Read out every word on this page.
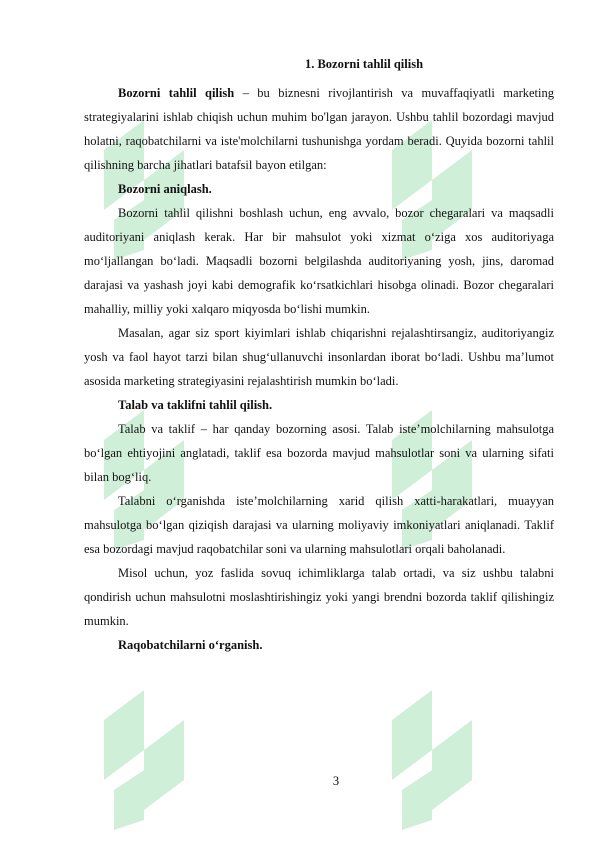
1. Bozorni tahlil qilish

Bozorni tahlil qilish – bu biznesni rivojlantirish va muvaffaqiyatli marketing strategiyalarini ishlab chiqish uchun muhim bo'lgan jarayon. Ushbu tahlil bozordagi mavjud holatni, raqobatchilarni va iste'molchilarni tushunishga yordam beradi. Quyida bozorni tahlil qilishning barcha jihatlari batafsil bayon etilgan:

Bozorni aniqlash.

Bozorni tahlil qilishni boshlash uchun, eng avvalo, bozor chegaralari va maqsadli auditoriyani aniqlash kerak. Har bir mahsulot yoki xizmat o‘ziga xos auditoriyaga mo‘ljallangan bo‘ladi. Maqsadli bozorni belgilashda auditoriyaning yosh, jins, daromad darajasi va yashash joyi kabi demografik ko‘rsatkichlari hisobga olinadi. Bozor chegaralari mahalliy, milliy yoki xalqaro miqyosda bo‘lishi mumkin.

Masalan, agar siz sport kiyimlari ishlab chiqarishni rejalashtirsangiz, auditoriyangiz yosh va faol hayot tarzi bilan shug‘ullanuvchi insonlardan iborat bo‘ladi. Ushbu ma’lumot asosida marketing strategiyasini rejalashtirish mumkin bo‘ladi.

Talab va taklifni tahlil qilish.

Talab va taklif – har qanday bozorning asosi. Talab iste’molchilarning mahsulotga bo‘lgan ehtiyojini anglatadi, taklif esa bozorda mavjud mahsulotlar soni va ularning sifati bilan bog‘liq.

Talabni o‘rganishda iste’molchilarning xarid qilish xatti-harakatlari, muayyan mahsulotga bo‘lgan qiziqish darajasi va ularning moliyaviy imkoniyatlari aniqlanadi. Taklif esa bozordagi mavjud raqobatchilar soni va ularning mahsulotlari orqali baholanadi.

Misol uchun, yoz faslida sovuq ichimliklarga talab ortadi, va siz ushbu talabni qondirish uchun mahsulotni moslashtirishingiz yoki yangi brendni bozorda taklif qilishingiz mumkin.

Raqobatchilarni o‘rganish.
3
